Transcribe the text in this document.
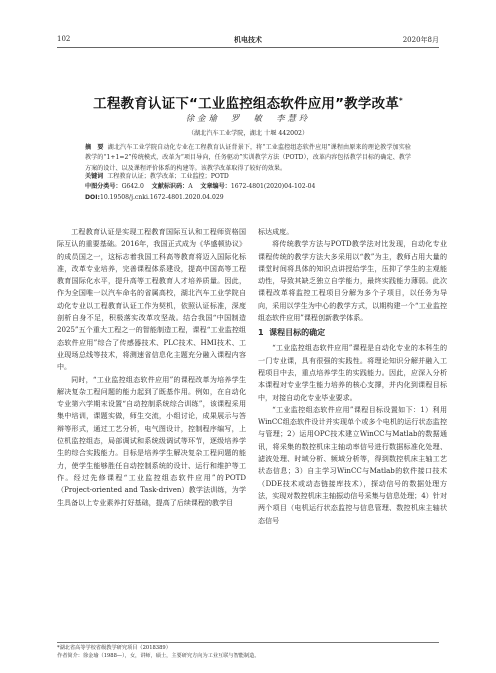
102	机电技术	2020年8月
工程教育认证下“工业监控组态软件应用”教学改革*
徐金瑜　罗　敏　李慧玲
（湖北汽车工业学院，湖北 十堰 442002）
摘　要 湖北汽车工业学院自动化专业在工程教育认证背景下，将“工业监控组态软件应用”课程由原来的理论教学加实验教学的“1+1=2”传统模式，改革为“项目导向，任务驱动”实训教学方法（POTD），改革内容包括教学目标的确定、教学方案的设计、以及课程评价体系的构建等。该教学改革取得了较好的效果。
关键词 工程教育认证；教学改革；工业监控；POTD
中图分类号：G642.0 文献标识码：A 文章编号：1672-4801(2020)04-102-04
DOI:10.19508/j.cnki.1672-4801.2020.04.029

工程教育认证是实现工程教育国际互认和工程师资格国际互认的重要基础。2016年，我国正式成为《华盛顿协议》的成员国之一，这标志着我国工科高等教育将迈入国际化标准，改革专业培养，完善课程体系建设，提高中国高等工程教育国际化水平，提升高等工程教育人才培养质量。因此，作为全国唯一以汽车命名的省属高校，湖北汽车工业学院自动化专业以工程教育认证工作为契机，依照认证标准，深度剖析自身不足，积极落实改革攻坚战。结合我国“中国制造2025”五个重大工程之一的智能制造工程，课程“工业监控组态软件应用”综合了传感器技术、PLC技术、HMI技术、工业现场总线等技术，将测速省信息化主题充分融入课程内容中。

同时，“工业监控组态软件应用”的课程改革为培养学生解决复杂工程问题的能力起到了既基作用。例如，在自动化专业第六学期末设置“自动控制系统综合训练”，该课程采用集中培训，课题实做，师生交流，小组讨论，成果展示与答辩等形式，通过工艺分析，电气图设计，控制程序编写，上位机监控组态，局部调试和系统级调试等环节，逐级培养学生的综合实践能力。目标是培养学生解决复杂工程问题的能力，使学生能够胜任自动控制系统的设计、运行和维护等工作。经过先修课程“工业监控组态软件应用”的POTD（Project-oriented and Task-driven）教学法训练，为学生具备以上专业素养打好基础，提高了后续课程的教学目

标达成度。

将传统教学方法与POTD教学法对比发现，自动化专业课程传统的教学方法大多采用以“教”为主，教师占用大量的课堂时间将具体的知识点讲授给学生，压抑了学生的主观能动性，导致其缺乏独立自学能力，最终实践能力薄弱。此次课程改革将监控工程项目分解为多个子项目，以任务为导向，采用以学生为中心的教学方式，以期构建一个“工业监控组态软件应用”课程创新教学体系。

1 课程目标的确定

“工业监控组态软件应用”课程是自动化专业的本科生的一门专业课，具有很强的实践性。将理论知识分解并融入工程项目中去，重点培养学生的实践能力。因此，应深入分析本课程对专业学生能力培养的核心支撑，并内化到课程目标中，对接自动化专业毕业要求。

“工业监控组态软件应用”课程目标设置如下：1）利用WinCC组态软件设计并实现单个或多个电机的运行状态监控与管理；2）运用OPC技术建立WinCC与Matlab的数据通讯，将采集的数控机床主轴动率信号进行数据标准化处理、滤波处理、时域分析、频域分析等，得到数控机床主轴工艺状态信息；3）自主学习WinCC与Matlab的软件接口技术（DDE技术或动态链接库技术），探动信号的数据处理方法，实现对数控机床主轴振动信号采集与信息处理；4）针对两个项目（电机运行状态监控与信息管理、数控机床主轴状态信号

*湖北省高等学校省级教学研究项目（2018389）
作者简介：徐金瑜（1988—），女，讲师，硕士，主要研究方向为工业互联与智能制造。
